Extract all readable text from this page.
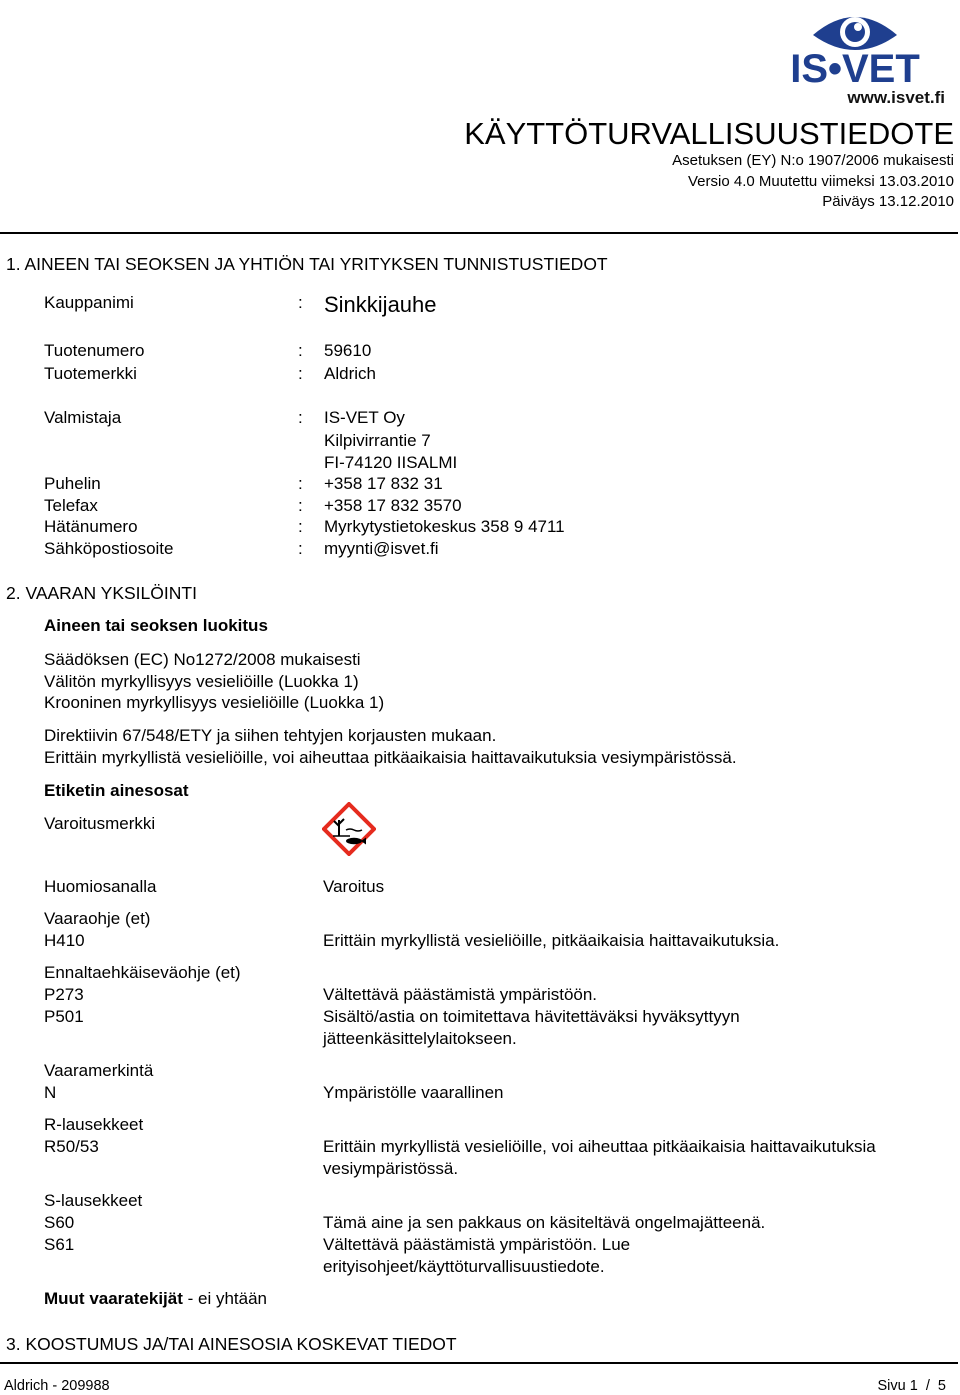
IS•VET
www.isvet.fi
KÄYTTÖTURVALLISUUSTIEDOTE
Asetuksen (EY) N:o 1907/2006 mukaisesti
Versio 4.0 Muutettu viimeksi 13.03.2010
Päiväys 13.12.2010
1. AINEEN TAI SEOKSEN JA YHTIÖN TAI YRITYKSEN TUNNISTUSTIEDOT
Kauppanimi	: Sinkkijauhe
Tuotenumero	: 59610
Tuotemerkki	: Aldrich
Valmistaja	: IS-VET Oy
Kilpivirrantie 7
FI-74120 IISALMI
Puhelin	: +358 17 832 31
Telefax	: +358 17 832 3570
Hätänumero	: Myrkytystietokeskus 358 9 4711
Sähköpostiosoite	: myynti@isvet.fi
2. VAARAN YKSILÖINTI
Aineen tai seoksen luokitus
Säädöksen (EC) No1272/2008 mukaisesti
Välitön myrkyllisyys vesieliöille (Luokka 1)
Krooninen myrkyllisyys vesieliöille (Luokka 1)
Direktiivin 67/548/ETY ja siihen tehtyjen korjausten mukaan.
Erittäin myrkyllistä vesieliöille, voi aiheuttaa pitkäaikaisia haittavaikutuksia vesiympäristössä.
Etiketin ainesosat
Varoitusmerkki
Huomiosanalla	Varoitus
Vaaraohje (et)
H410	Erittäin myrkyllistä vesieliöille, pitkäaikaisia haittavaikutuksia.
Ennaltaehkäiseväohje (et)
P273	Vältettävä päästämistä ympäristöön.
P501	Sisältö/astia on toimitettava hävitettäväksi hyväksyttyyn
jätteenkäsittelylaitokseen.
Vaaramerkintä
N	Ympäristölle vaarallinen
R-lausekkeet
R50/53	Erittäin myrkyllistä vesieliöille, voi aiheuttaa pitkäaikaisia haittavaikutuksia
vesiympäristössä.
S-lausekkeet
S60	Tämä aine ja sen pakkaus on käsiteltävä ongelmajätteenä.
S61	Vältettävä päästämistä ympäristöön. Lue
erityisohjeet/käyttöturvallisuustiedote.
Muut vaaratekijät - ei yhtään
3. KOOSTUMUS JA/TAI AINESOSIA KOSKEVAT TIEDOT
Aldrich - 209988	Sivu 1  /  5
